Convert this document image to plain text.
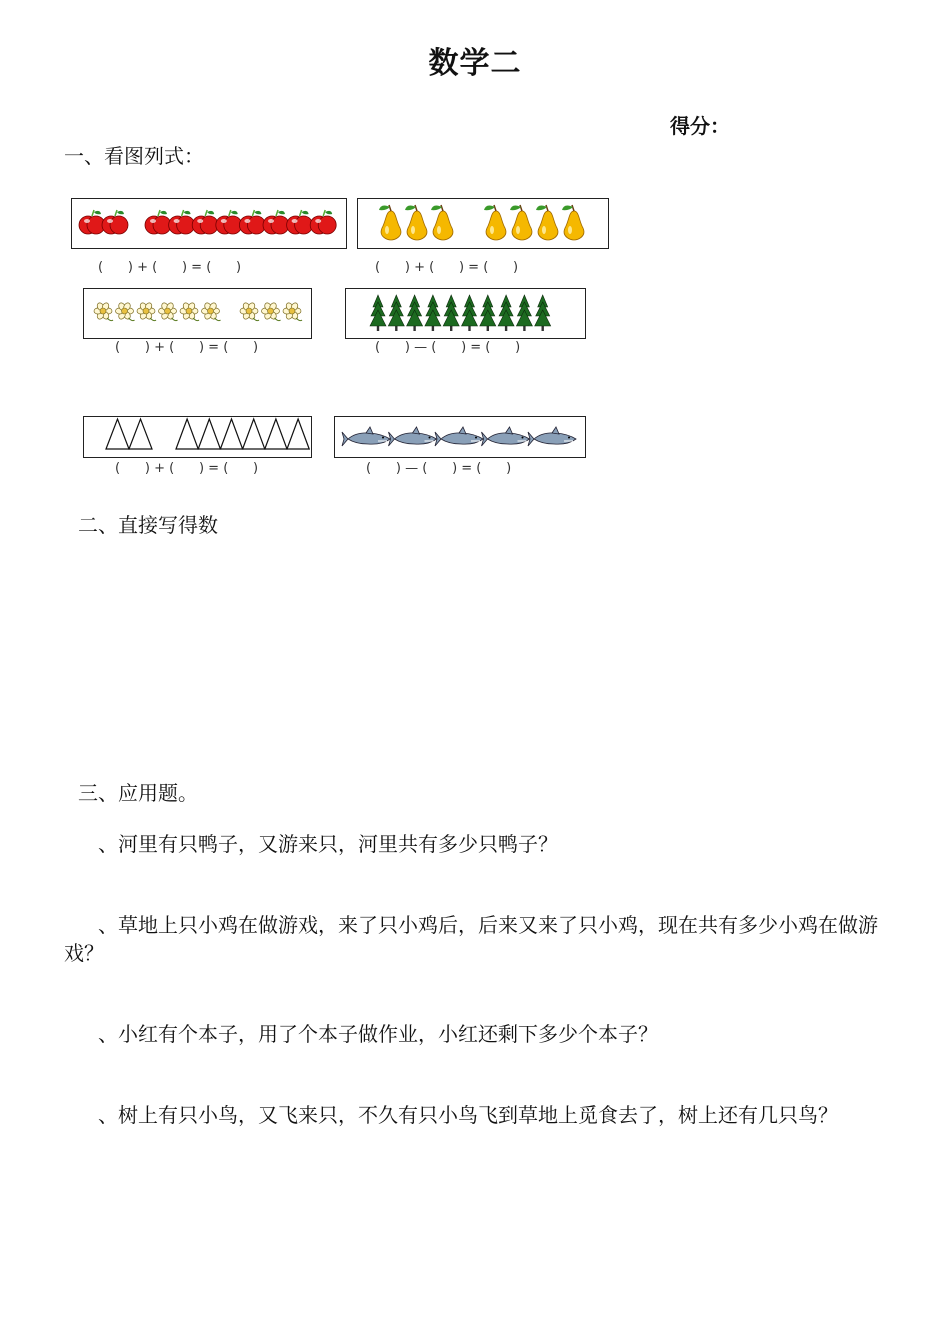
数学二
得分：
一、看图列式：
(      ) + (      ) = (      )	(      ) + (      ) = (      )
(      ) + (      ) = (      )	(      ) — (      ) = (      )
(      ) + (      ) = (      )	(      ) — (      ) = (      )
二、直接写得数
三、应用题。
、河里有只鸭子，又游来只，河里共有多少只鸭子？
、草地上只小鸡在做游戏，来了只小鸡后，后来又来了只小鸡，现在共有多少小鸡在做游戏？
、小红有个本子，用了个本子做作业，小红还剩下多少个本子？
、树上有只小鸟，又飞来只，不久有只小鸟飞到草地上觅食去了，树上还有几只鸟？
